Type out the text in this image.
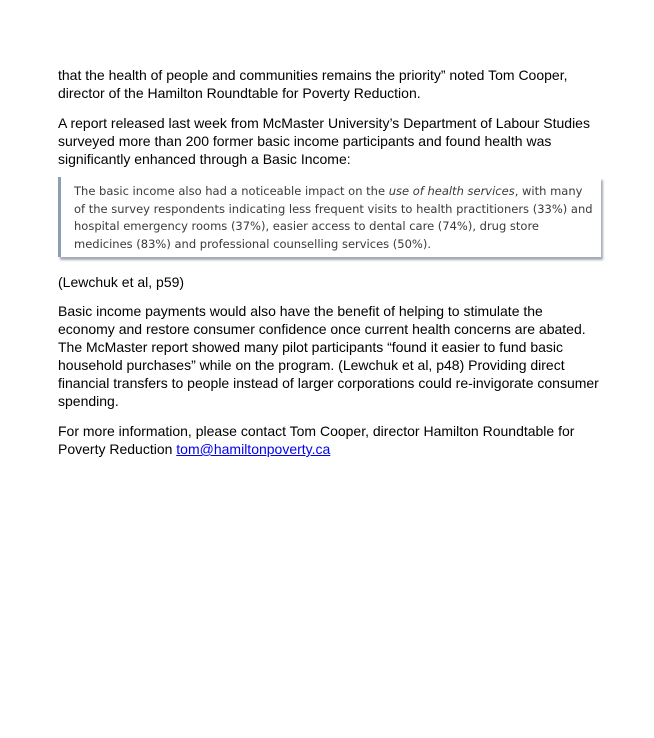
that the health of people and communities remains the priority” noted Tom Cooper, director of the Hamilton Roundtable for Poverty Reduction.

A report released last week from McMaster University’s Department of Labour Studies surveyed more than 200 former basic income participants and found health was significantly enhanced through a Basic Income:

The basic income also had a noticeable impact on the use of health services, with many of the survey respondents indicating less frequent visits to health practitioners (33%) and hospital emergency rooms (37%), easier access to dental care (74%), drug store medicines (83%) and professional counselling services (50%).

(Lewchuk et al, p59)

Basic income payments would also have the benefit of helping to stimulate the economy and restore consumer confidence once current health concerns are abated. The McMaster report showed many pilot participants “found it easier to fund basic household purchases” while on the program. (Lewchuk et al, p48) Providing direct financial transfers to people instead of larger corporations could re-invigorate consumer spending.

For more information, please contact Tom Cooper, director Hamilton Roundtable for Poverty Reduction tom@hamiltonpoverty.ca
